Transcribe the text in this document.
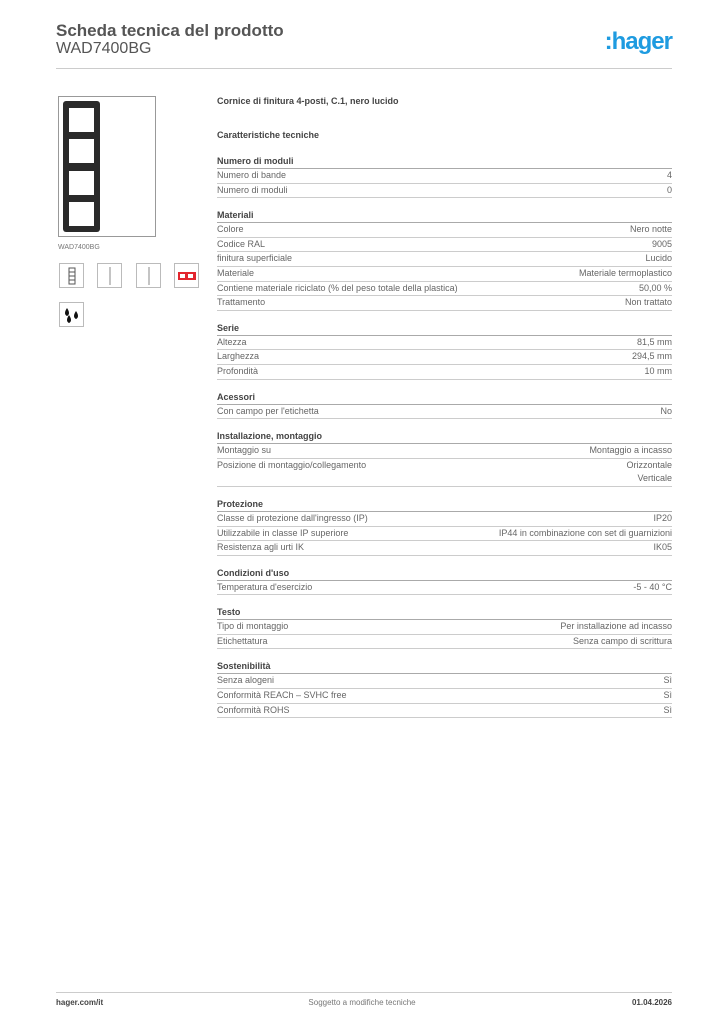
Scheda tecnica del prodotto
WAD7400BG	:hager
WAD7400BG
Cornice di finitura 4-posti, C.1, nero lucido
Caratteristiche tecniche
Numero di moduli
Numero di bande	4
Numero di moduli	0
Materiali
Colore	Nero notte
Codice RAL	9005
finitura superficiale	Lucido
Materiale	Materiale termoplastico
Contiene materiale riciclato (% del peso totale della plastica)	50,00 %
Trattamento	Non trattato
Serie
Altezza	81,5 mm
Larghezza	294,5 mm
Profondità	10 mm
Acessori
Con campo per l'etichetta	No
Installazione, montaggio
Montaggio su	Montaggio a incasso
Posizione di montaggio/collegamento	Orizzontale
Verticale
Protezione
Classe di protezione dall'ingresso (IP)	IP20
Utilizzabile in classe IP superiore	IP44 in combinazione con set di guarnizioni
Resistenza agli urti IK	IK05
Condizioni d'uso
Temperatura d'esercizio	-5 - 40 °C
Testo
Tipo di montaggio	Per installazione ad incasso
Etichettatura	Senza campo di scrittura
Sostenibilità
Senza alogeni	Sì
Conformità REACh – SVHC free	Sì
Conformità ROHS	Sì
hager.com/it	Soggetto a modifiche tecniche	01.04.2026
